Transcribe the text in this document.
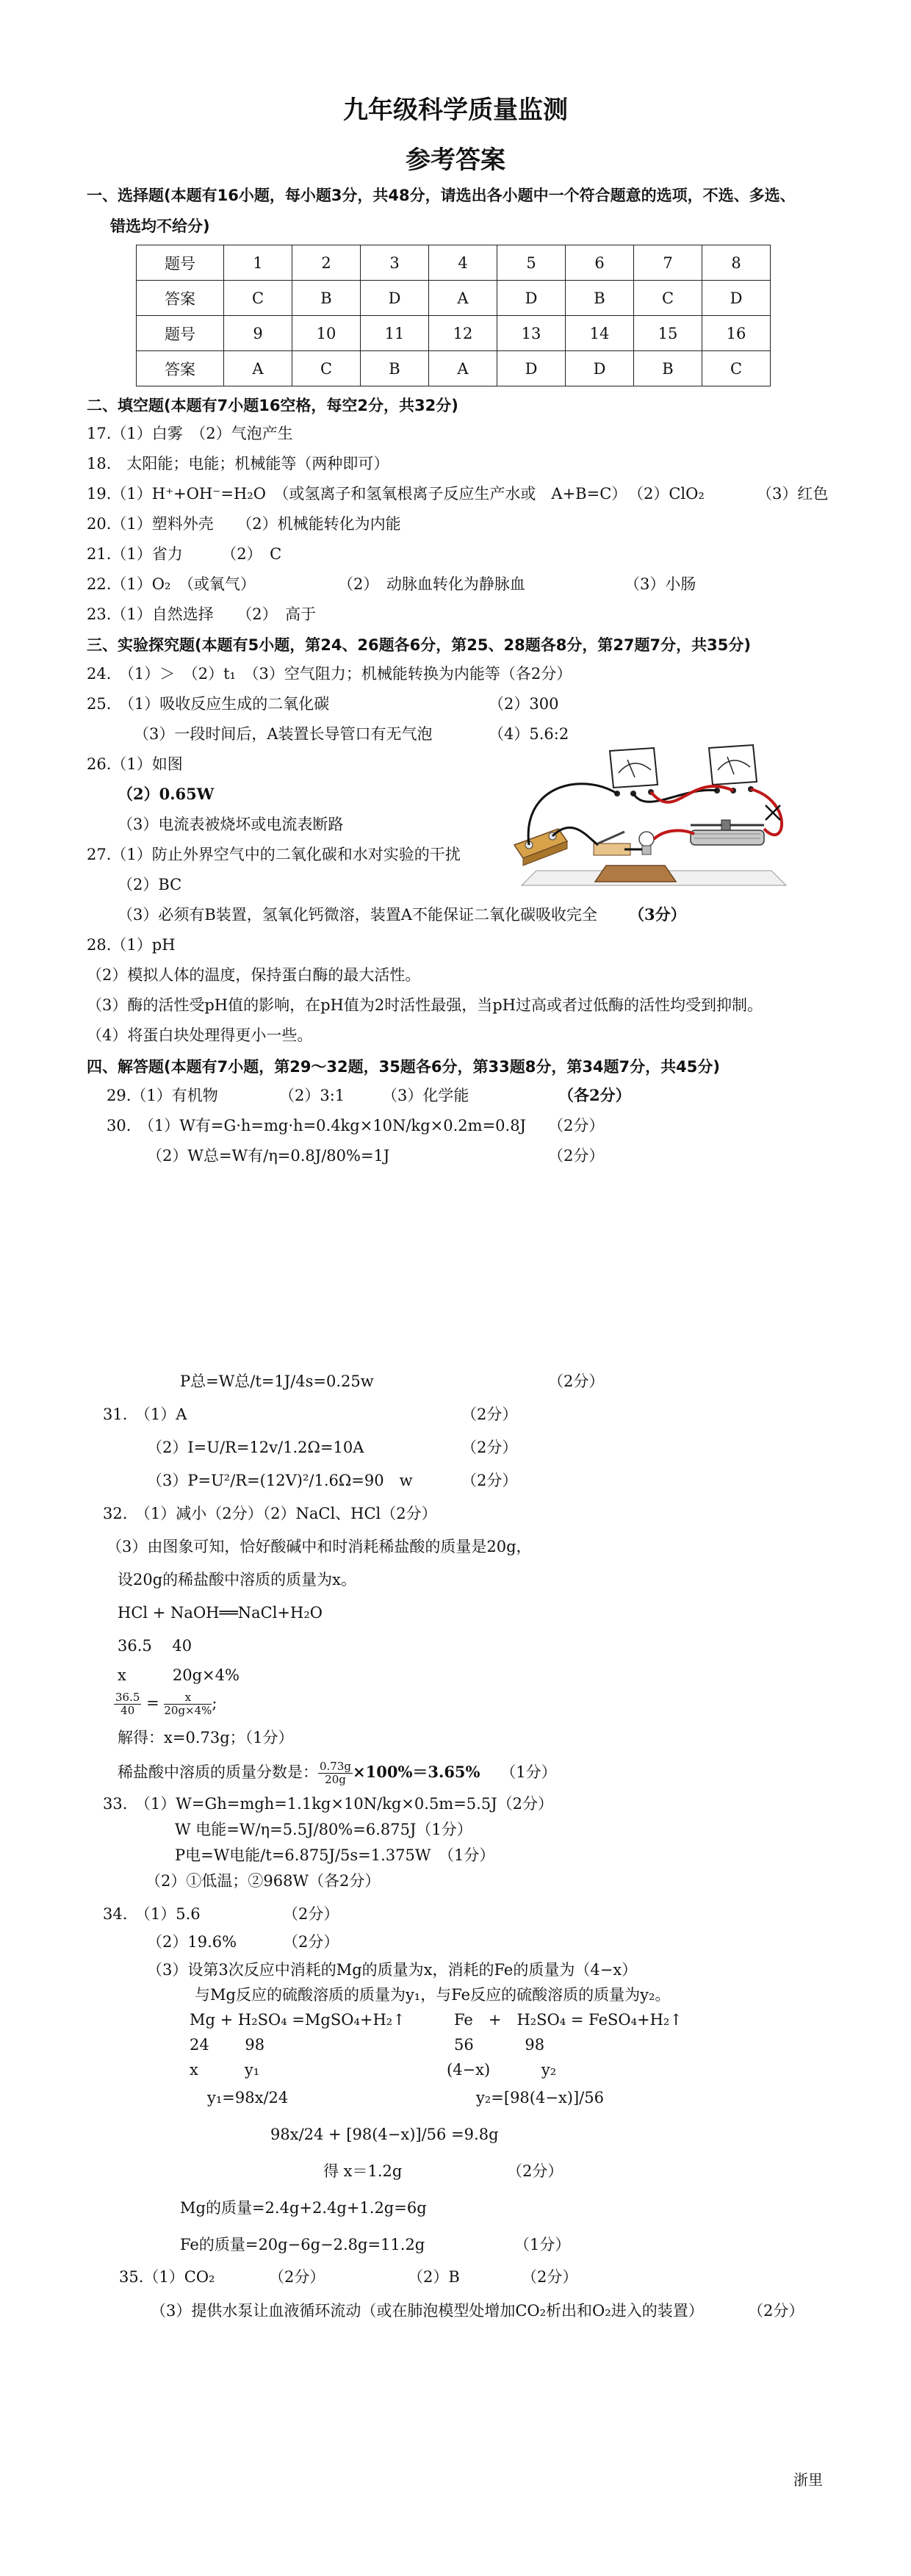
九年级科学质量监测
参考答案
一、选择题(本题有16小题，每小题3分，共48分，请选出各小题中一个符合题意的选项，不选、多选、
错选均不给分)
题号	1	2	3	4	5	6	7	8
答案	C	B	D	A	D	B	C	D
题号	9	10	11	12	13	14	15	16
答案	A	C	B	A	D	D	B	C
二、填空题(本题有7小题16空格，每空2分，共32分)
17.（1）白雾　（2）气泡产生
18.　太阳能；电能；机械能等（两种即可）
19.（1）H⁺+OH⁻=H₂O　（或氢离子和氢氧根离子反应生产水或　A+B=C） （2）ClO₂	（3）红色
20.（1）塑料外壳　　（2）机械能转化为内能
21.（1）省力　　　（2）　C
22.（1）O₂　（或氧气）	（2）　动脉血转化为静脉血	（3）小肠
23.（1）自然选择　　（2）　高于
三、实验探究题(本题有5小题，第24、26题各6分，第25、28题各8分，第27题7分，共35分)
24.　（1）＞　（2）t₁　（3）空气阻力；机械能转换为内能等（各2分）
25.　（1）吸收反应生成的二氧化碳	（2）300
（3）一段时间后，A装置长导管口有无气泡	（4）5.6:2
26.（1）如图
（2）0.65W
（3）电流表被烧坏或电流表断路
27.（1）防止外界空气中的二氧化碳和水对实验的干扰
（2）BC
（3）必须有B装置，氢氧化钙微溶，装置A不能保证二氧化碳吸收完全 （3分）
28.（1）pH
（2）模拟人体的温度，保持蛋白酶的最大活性。
（3）酶的活性受pH值的影响，在pH值为2时活性最强，当pH过高或者过低酶的活性均受到抑制。
（4）将蛋白块处理得更小一些。
四、解答题(本题有7小题，第29～32题，35题各6分，第33题8分，第34题7分，共45分)
29.（1）有机物	（2）3:1 （3）化学能	（各2分）
30.　（1）W有=G·h=mg·h=0.4kg×10N/kg×0.2m=0.8J （2分）
（2）W总=W有/η=0.8J/80%=1J	（2分）
P总=W总/t=1J/4s=0.25w	（2分）
31.　（1）A	（2分）
（2）I=U/R=12v/1.2Ω=10A	（2分）
（3）P=U²/R=(12V)²/1.6Ω=90　w	（2分）
32.　（1）减小（2分）（2）NaCl、HCl（2分）
（3）由图象可知，恰好酸碱中和时消耗稀盐酸的质量是20g，
设20g的稀盐酸中溶质的质量为x。
HCl + NaOH══NaCl+H₂O
36.5　 40
x　　　20g×4%
$\frac{36.5}{40} = \frac{x}{20g\times 4\%}$ ;
解得：x=0.73g；（1分）
稀盐酸中溶质的质量分数是： $\frac{0.73g}{20g} \times 100\%=3.65\%$　 （1分）
33.　（1）W=Gh=mgh=1.1kg×10N/kg×0.5m=5.5J（2分）
W 电能=W/η=5.5J/80%=6.875J（1分）
P电=W电能/t=6.875J/5s=1.375W　（1分）
（2）①低温；②968W（各2分）
34.　（1）5.6	（2分）
（2）19.6%	（2分）
（3）设第3次反应中消耗的Mg的质量为x，消耗的Fe的质量为（4−x）
与Mg反应的硫酸溶质的质量为y₁，与Fe反应的硫酸溶质的质量为y₂。
Mg + H₂SO₄ =MgSO₄+H₂↑	Fe　+　H₂SO₄ = FeSO₄+H₂↑
24　　 98	56　　　 98
x　　　y₁	(4−x)　　　 y₂
y₁=98x/24	y₂=[98(4−x)]/56
98x/24 + [98(4−x)]/56 =9.8g
得 x＝1.2g	（2分）
Mg的质量=2.4g+2.4g+1.2g=6g
Fe的质量=20g−6g−2.8g=11.2g	（1分）
35.（1）CO₂	（2分）	（2）B	（2分）
（3）提供水泵让血液循环流动（或在肺泡模型处增加CO₂析出和O₂进入的装置）	（2分）
浙里
